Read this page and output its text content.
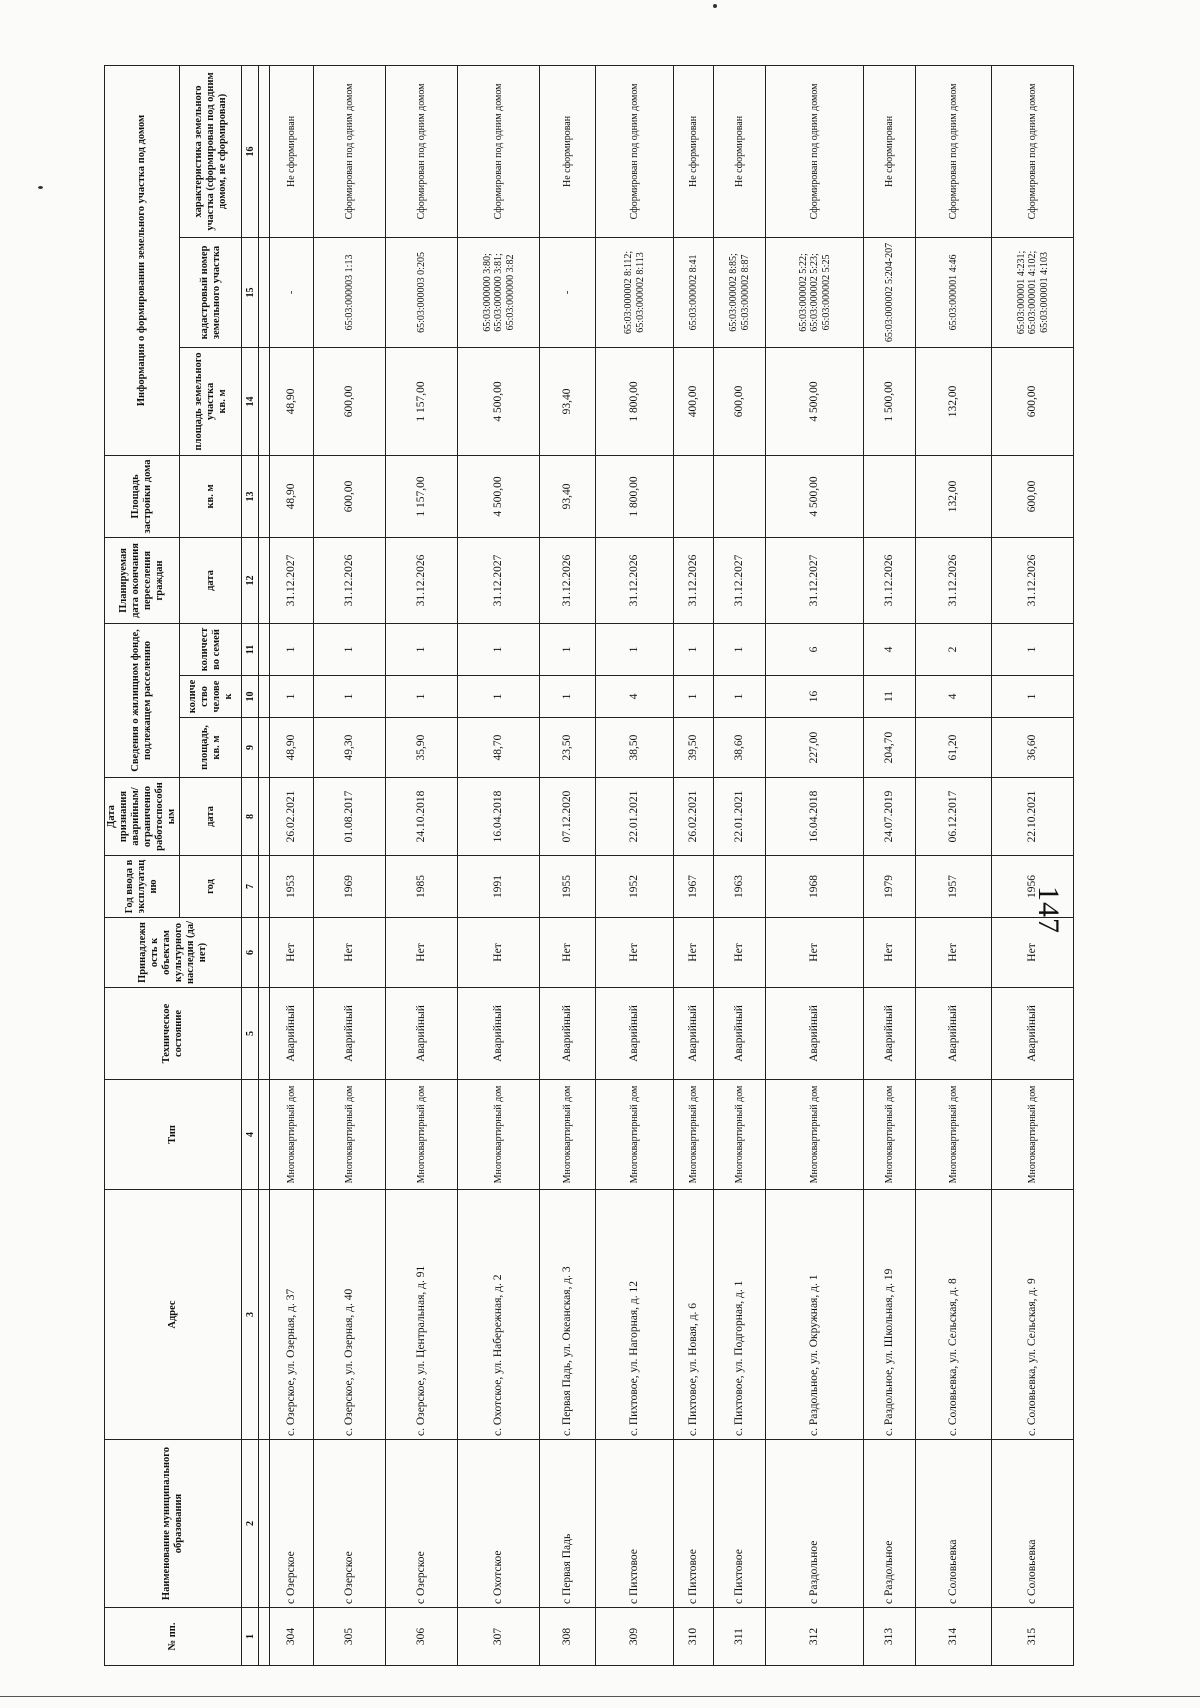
147
№ пп.	Наименование муниципального образования	Адрес	Тип	Техническое состояние	Принадлежность к объектам культурного наследия (да/нет)	Год ввода в эксплуатацию	Дата признания аварийным/ограниченно работоспособным	Сведения о жилищном фонде, подлежащем расселению			Планируемая дата окончания переселения граждан	Площадь застройки дома	Информация о формировании земельного участка под домом		
						год	дата	площадь, кв. м	количество человек	количество семей	дата	кв. м	площадь земельного участка
кв. м	кадастровый номер земельного участка	характеристика земельного участка (сформирован под одним домом, не сформирован)
1	2	3	4	5	6	7	8	9	10	11	12	13	14	15	16

304	с Озерское	с. Озерское, ул. Озерная, д. 37	Многоквартирный дом	Аварийный	Нет	1953	26.02.2021	48,90	1	1	31.12.2027	48,90	48,90	-	Не сформирован
305	с Озерское	с. Озерское, ул. Озерная, д. 40	Многоквартирный дом	Аварийный	Нет	1969	01.08.2017	49,30	1	1	31.12.2026	600,00	600,00	65:03:000003 1:13	Сформирован под одним домом
306	с Озерское	с. Озерское, ул. Центральная, д. 91	Многоквартирный дом	Аварийный	Нет	1985	24.10.2018	35,90	1	1	31.12.2026	1 157,00	1 157,00	65:03:000003 0:205	Сформирован под одним домом
307	с Охотское	с. Охотское, ул. Набережная, д. 2	Многоквартирный дом	Аварийный	Нет	1991	16.04.2018	48,70	1	1	31.12.2027	4 500,00	4 500,00	65:03:000000 3:80; 65:03:000000 3:81; 65:03:000000 3:82	Сформирован под одним домом
308	с Первая Падь	с. Первая Падь, ул. Океанская, д. 3	Многоквартирный дом	Аварийный	Нет	1955	07.12.2020	23,50	1	1	31.12.2026	93,40	93,40	-	Не сформирован
309	с Пихтовое	с. Пихтовое, ул. Нагорная, д. 12	Многоквартирный дом	Аварийный	Нет	1952	22.01.2021	38,50	4	1	31.12.2026	1 800,00	1 800,00	65:03:000002 8:112; 65:03:000002 8:113	Сформирован под одним домом
310	с Пихтовое	с. Пихтовое, ул. Новая, д. 6	Многоквартирный дом	Аварийный	Нет	1967	26.02.2021	39,50	1	1	31.12.2026		400,00	65:03:000002 8:41	Не сформирован
311	с Пихтовое	с. Пихтовое, ул. Подгорная, д. 1	Многоквартирный дом	Аварийный	Нет	1963	22.01.2021	38,60	1	1	31.12.2027		600,00	65:03:000002 8:85; 65:03:000002 8:87	Не сформирован
312	с Раздольное	с. Раздольное, ул. Окружная, д. 1	Многоквартирный дом	Аварийный	Нет	1968	16.04.2018	227,00	16	6	31.12.2027	4 500,00	4 500,00	65:03:000002 5:22; 65:03:000002 5:23; 65:03:000002 5:25	Сформирован под одним домом
313	с Раздольное	с. Раздольное, ул. Школьная, д. 19	Многоквартирный дом	Аварийный	Нет	1979	24.07.2019	204,70	11	4	31.12.2026		1 500,00	65:03:000002 5:204-207	Не сформирован
314	с Соловьевка	с. Соловьевка, ул. Сельская, д. 8	Многоквартирный дом	Аварийный	Нет	1957	06.12.2017	61,20	4	2	31.12.2026	132,00	132,00	65:03:000001 4:46	Сформирован под одним домом
315	с Соловьевка	с. Соловьевка, ул. Сельская, д. 9	Многоквартирный дом	Аварийный	Нет	1956	22.10.2021	36,60	1	1	31.12.2026	600,00	600,00	65:03:000001 4:231; 65:03:000001 4:102; 65:03:000001 4:103	Сформирован под одним домом
